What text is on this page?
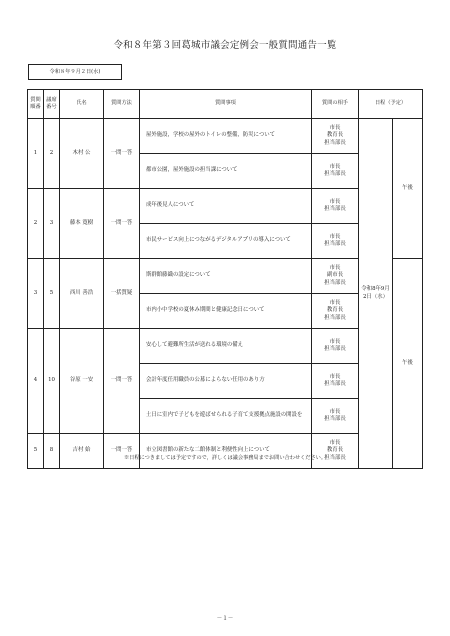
令和８年第３回葛城市議会定例会一般質問通告一覧
令和８年９月２日(水)
質問順番	議席番号	氏名	質問方法	質問事項	質問の相手	日程（予定）	
1	2	木村 公	一問一答	屋外施設，学校の屋外のトイレの整備，防災について	市長
教育長
担当部長	令和8年9月2日（水）	午後
				都市公園，屋外施設の担当課について	市長
担当部長		

2	3	藤本 寛樹	一問一答	成年後見人について	市長
担当部長		

				市民サービス向上につながるデジタルアプリの導入について	市長
担当部長		

3	5	西川 善浩	一括質疑	斯群館藤織の設定について	市長
副市長
担当部長		午後
				市内小中学校の夏休み期間と健康記念日について	市長
教育長
担当部長		

4	10	谷原 一安	一問一答	安心して避難所生活が送れる環境の備え	市長
担当部長		

				会計年度任用職員の公募によらない任用のあり方	市長
担当部長		

				土日に室内で子どもを遊ばせられる子育て支援拠点施設の開設を	市長
担当部長		

5	8	吉村 始	一問一答	市立図書館の新たな二館体制と利便性向上について	市長
教育長
担当部長		
※日程につきましては予定ですので，詳しくは議会事務局までお問い合わせください。
－１－
